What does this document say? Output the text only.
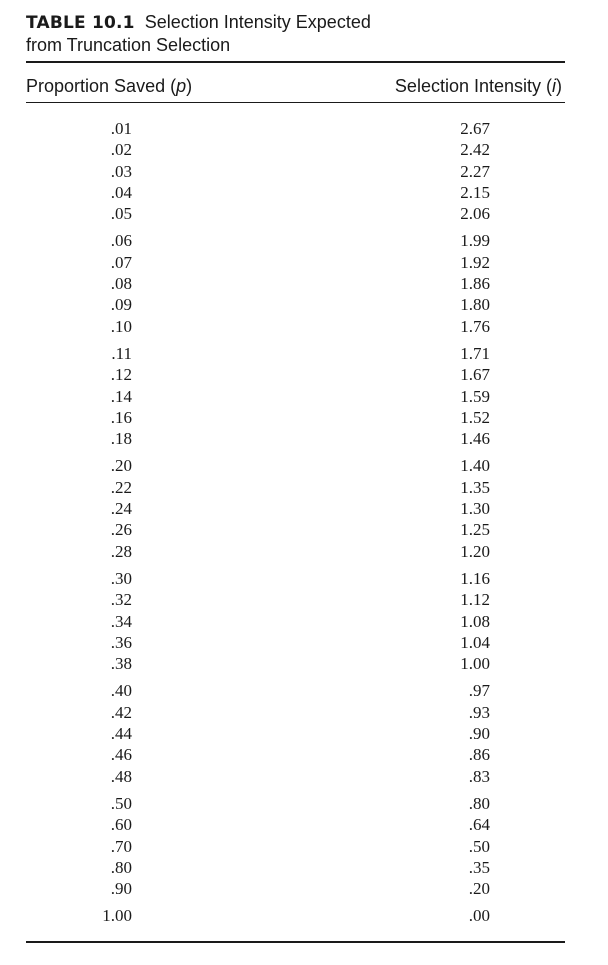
TABLE 10.1 Selection Intensity Expected
from Truncation Selection
Proportion Saved (p)	Selection Intensity (i)
.01	2.67
.02	2.42
.03	2.27
.04	2.15
.05	2.06
.06	1.99
.07	1.92
.08	1.86
.09	1.80
.10	1.76
.11	1.71
.12	1.67
.14	1.59
.16	1.52
.18	1.46
.20	1.40
.22	1.35
.24	1.30
.26	1.25
.28	1.20
.30	1.16
.32	1.12
.34	1.08
.36	1.04
.38	1.00
.40	.97
.42	.93
.44	.90
.46	.86
.48	.83
.50	.80
.60	.64
.70	.50
.80	.35
.90	.20
1.00	.00
